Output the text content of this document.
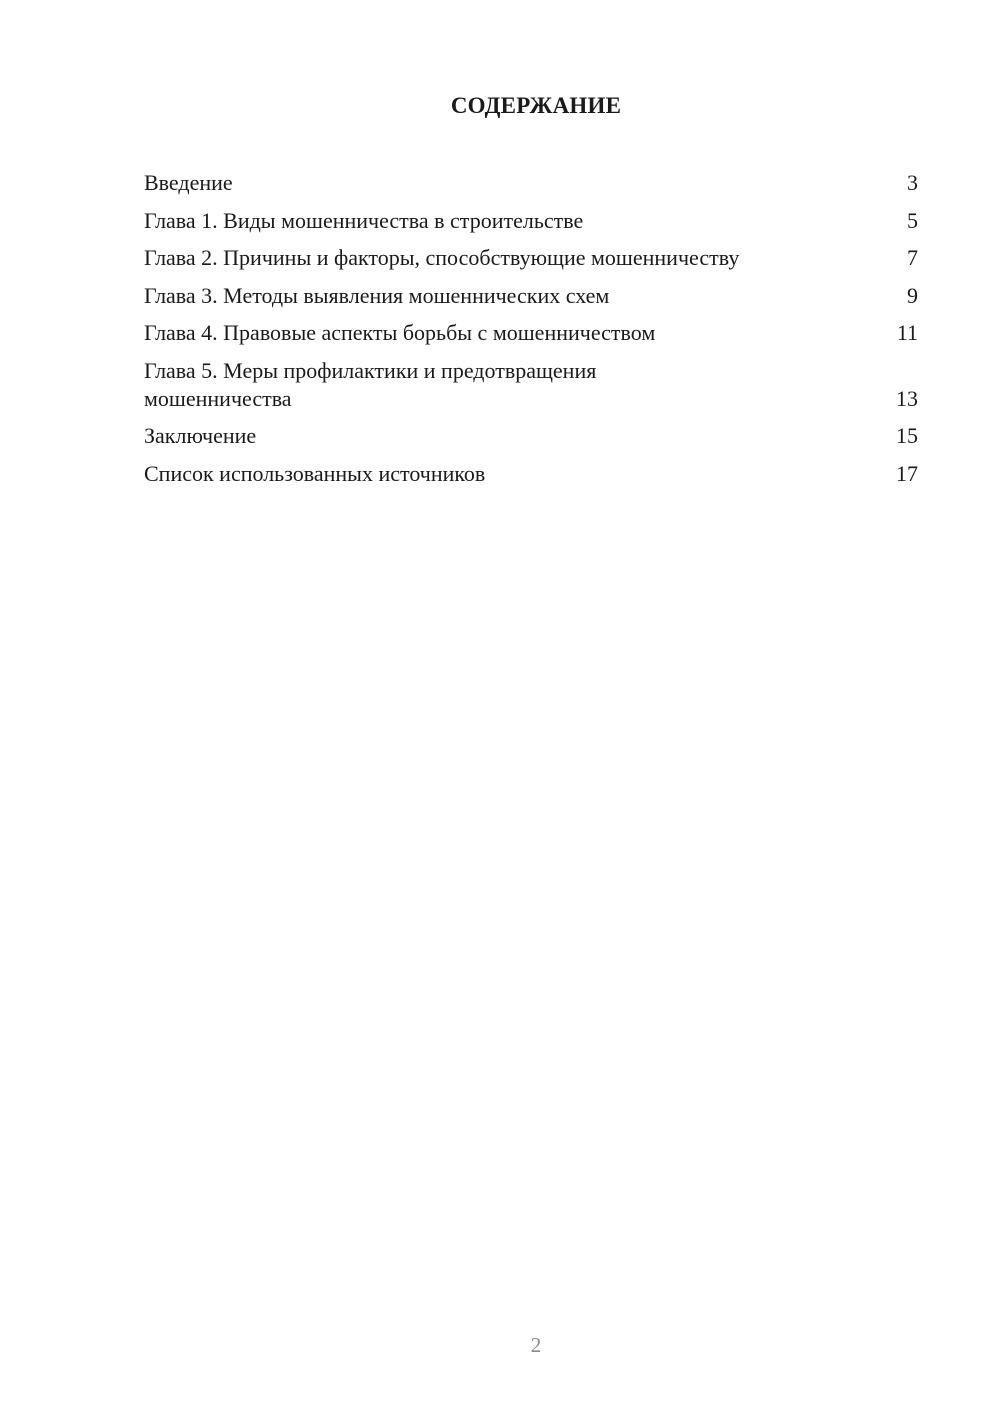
СОДЕРЖАНИЕ
Введение	3
Глава 1. Виды мошенничества в строительстве	5
Глава 2. Причины и факторы, способствующие мошенничеству	7
Глава 3. Методы выявления мошеннических схем	9
Глава 4. Правовые аспекты борьбы с мошенничеством	11
Глава 5. Меры профилактики и предотвращения мошенничества	13
Заключение	15
Список использованных источников	17
2
